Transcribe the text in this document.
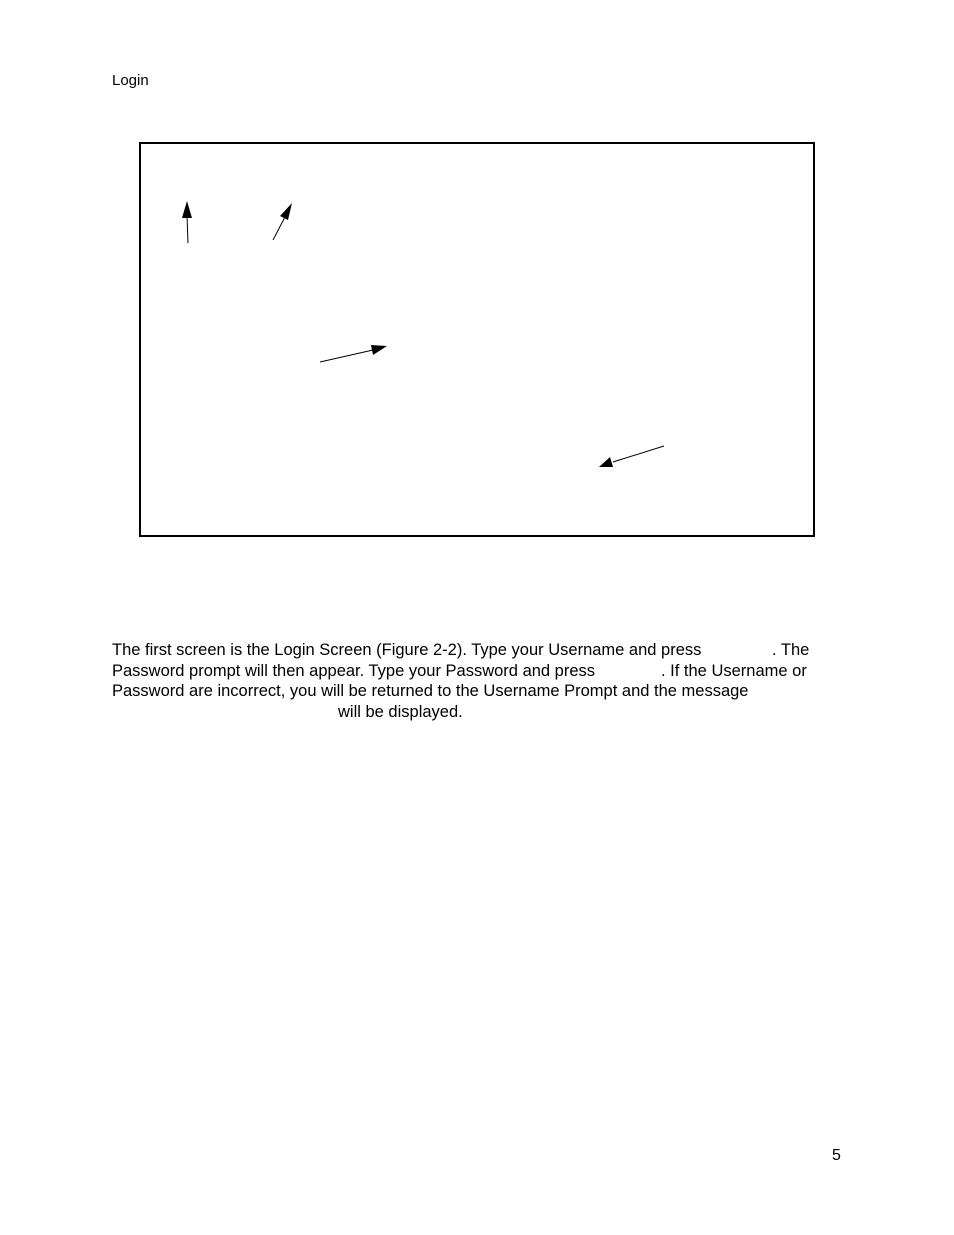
Login

The first screen is the Login Screen (Figure 2-2). Type your Username and press

	. The

Password prompt will then appear. Type your Password and press

	. If the Username or

Password are incorrect, you will be returned to the Username Prompt and the message

will be displayed.

5
